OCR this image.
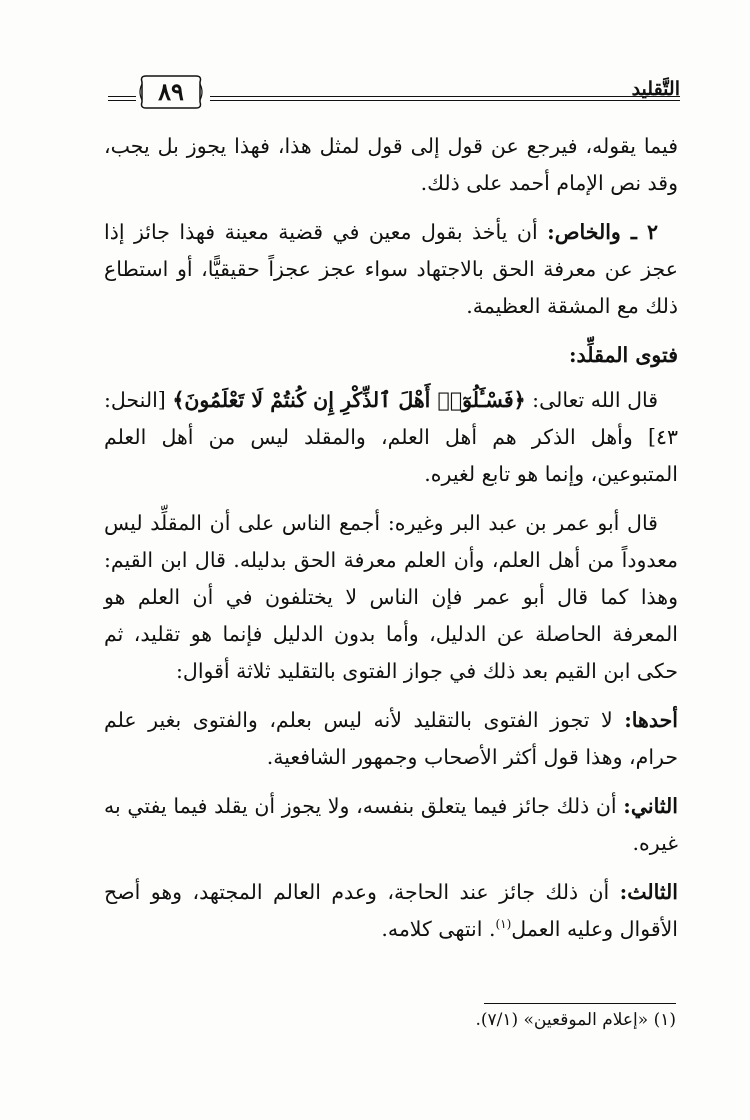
٨٩	التَّقليد

فيما يقوله، فيرجع عن قول إلى قول لمثل هذا، فهذا يجوز بل يجب، وقد نص الإمام أحمد على ذلك.

٢ ـ والخاص: أن يأخذ بقول معين في قضية معينة فهذا جائز إذا عجز عن معرفة الحق بالاجتهاد سواء عجز عجزاً حقيقيًّا، أو استطاع ذلك مع المشقة العظيمة.

فتوى المقلِّد:

قال الله تعالى: ﴿فَسْـَٔلُوٓا۟ أَهْلَ ٱلذِّكْرِ إِن كُنتُمْ لَا تَعْلَمُونَ﴾ [النحل: ٤٣] وأهل الذكر هم أهل العلم، والمقلد ليس من أهل العلم المتبوعين، وإنما هو تابع لغيره.

قال أبو عمر بن عبد البر وغيره: أجمع الناس على أن المقلِّد ليس معدوداً من أهل العلم، وأن العلم معرفة الحق بدليله. قال ابن القيم: وهذا كما قال أبو عمر فإن الناس لا يختلفون في أن العلم هو المعرفة الحاصلة عن الدليل، وأما بدون الدليل فإنما هو تقليد، ثم حكى ابن القيم بعد ذلك في جواز الفتوى بالتقليد ثلاثة أقوال:

أحدها: لا تجوز الفتوى بالتقليد لأنه ليس بعلم، والفتوى بغير علم حرام، وهذا قول أكثر الأصحاب وجمهور الشافعية.

الثاني: أن ذلك جائز فيما يتعلق بنفسه، ولا يجوز أن يقلد فيما يفتي به غيره.

الثالث: أن ذلك جائز عند الحاجة، وعدم العالم المجتهد، وهو أصح الأقوال وعليه العمل$^{(١)}$. انتهى كلامه.

(١) «إعلام الموقعين» (٧/١).
